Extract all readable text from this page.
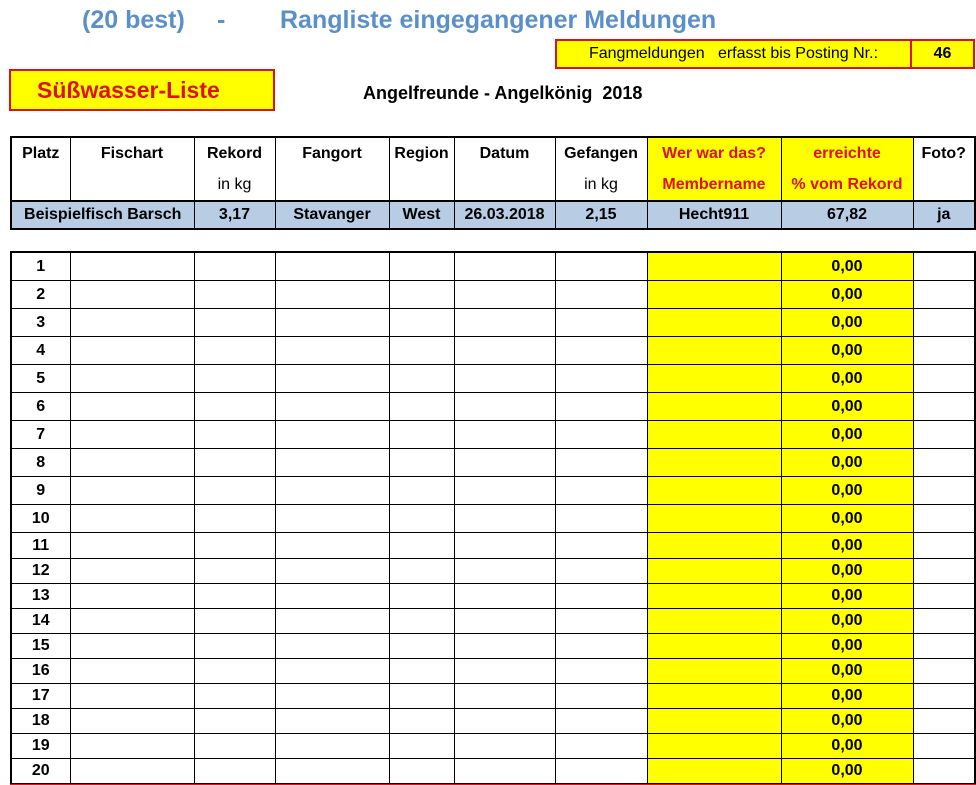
(20 best) - Rangliste eingegangener Meldungen
Fangmeldungen   erfasst bis Posting Nr.:	46
Süßwasser-Liste	Angelfreunde - Angelkönig  2018
Platz	Fischart	Rekord	Fangort	Region	Datum	Gefangen	Wer war das?	erreichte	Foto?
		in kg				in kg	Membername	% vom Rekord	
Beispielfisch Barsch		3,17	Stavanger	West	26.03.2018	2,15	Hecht911	67,82	ja
1								0,00	
2								0,00	
3								0,00	
4								0,00	
5								0,00	
6								0,00	
7								0,00	
8								0,00	
9								0,00	
10								0,00	
11								0,00	
12								0,00	
13								0,00	
14								0,00	
15								0,00	
16								0,00	
17								0,00	
18								0,00	
19								0,00	
20								0,00	
